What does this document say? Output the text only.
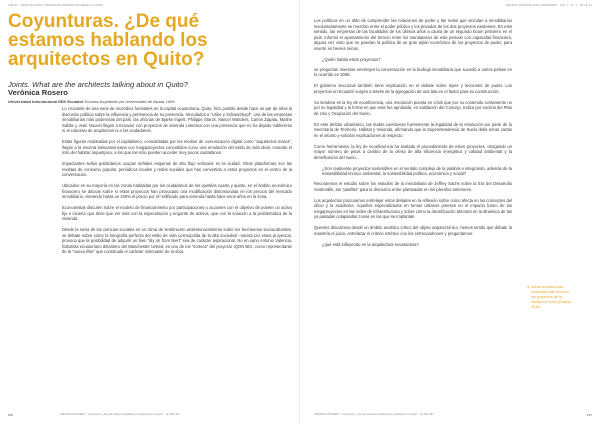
ARQ 07 · ARQUITECTURA Y PROCESOS URBANOS EN AMÉRICA LATINA
Coyunturas. ¿De qué estamos hablando los arquitectos en Quito?

Joints. What are the architects talking about in Quito?

Verónica Rosero

Universidad Internacional SEK Ecuador Doctora Arquitecta por Universidad de Alcalá, UAH

Lo cruciante de una serie de incendios forestales en la capital ecuatoriana, Quito, hizo posible desde hace un par de años la discusión pública sobre la influencia y pertinencia de su presencia. Vinculados a “Uribe y Schwarzkopf”, una de las empresas inmobiliarias más poderosas del país, las oficinas de Bjarke Ingels, Philippe Starck, Marcel Wanders, Carlos Zapata, Moshe Safdie y Jean Nouvel llegan a Ecuador con proyectos de vivienda colectiva con una presencia que no ha dejado indiferente ni al colectivo de arquitectos ni a los ciudadanos.

Estas figuras moldeadas por el capitalismo, consolidadas por los medios de comunicación digital como “arquitectos marca”, llegan a la escena latinoamericana con megaproyectos concebidos como una emulación del estilo de vida ideal, creando el mito del habitar arquetípico, a los que tan sólo pueden acceder muy pocos ciudadanos.

Impactantes sellos publicitarios ocupan señales esquinas de alto flujo vehicular en la ciudad. Otras plataformas son las revistas de consumo popular, periódicos locales y redes sociales que han convertido a estos proyectos en el centro de la conversación.

Ubicados en su mayoría en las zonas habitadas por los ciudadanos de los quintiles cuarto y quinto, en el ámbito económico financiero se discute sobre si estos proyectos han provocado una modificación distorsionada en los precios del mercado inmobiliario, elevando hasta un 100% el precio por m² edificado para vivienda hasta hace unos años en la zona.

Economistas discuten sobre el modelo de financiamiento por participaciones o acciones con el objetivo de poseer un activo fijo e incierto que tiene que ver más con la especulación y engorde de activos, que con la solución a la problemática de la vivienda.

Desde la rama de las ciencias sociales en un clima de sentimiento antiestonoramiento sobre los fenómenos socioculturales, se debate sobre cómo la fotografía perfecta del estilo de vida cosmopolita de la alta sociedad –nacida por estos proyectos, provoca que la posibilidad de adquirir un bien “diy on from Niert” sea de carácter aspiracional. No en vano Antonio Valencia, futbolista ecuatoriano delantero del Manchester United, es uno de los “sorteos” del proyecto IQON BIG, como representante de la “nueva élite” que construida el carácter insinuante de la obra.

186	VERÓNICA ROSERO · Coyunturas. ¿De qué estamos hablando los arquitectos en Quito? · pp 186–197
REVISTA ARQUITECTURA URBANISMO · VOL. 7 · N.º 2 · PP 14–31

Los políticos en un afán de comprender las relaciones de poder y las redes que vinculan a inmobiliarios involuntariamente se mezclan entre el poder público y los privados de los dos proyectos existentes. En este sentido, las empresas de las facultades de los últimos años a causa de un segundo boom petrolero en el país, informó el ayuntamiento del tercero entre los mandatarios de este periodo con capacidad financiera, alguna vez visto que no poseían la política de un gran tejido económico de los proyectos de poder, para invertir en bienes raíces.

¿Quién habita estos proyectos?

se preguntan mientras entretejen la conversación en la burbuja inmobiliaria que sucedió a varios países en lo ocurrido en 2008.

El gobierno seccional también tiene implicación en el debate sobre leyes y lecciones de poder. Los proyectos en Ecuador surgen a través de la agregación de una lata en el factor para su construcción.

Su tiendera es la ley de ecoeficiencia, una resolución puesta en crisis que por su contenido ciertamente no por su legalidad y la forma en que esta fue aprobada, en validación del Concejo. Indica por encima del Plan de Uso y Ocupación del Suelo.

En este ámbito urbanístico, las dudas cuestionan fuertemente la legalidad de la resolución por parte de la Secretaría de Territorio, Hábitat y Vivienda, afirmando que la Superintendencia de Suelo debe tomar cartas en el asunto y solicitar explicaciones al respecto.

Como herramienta, la ley de ecoeficiencia ha avalado el procedimiento de estos proyectos, otorgando un mayor número de pisos a cambio de la oferta de alta eficiencia energética y calidad ambiental y la densificación del suelo.

¿Son realmente proyectos sostenibles en el sentido complejo de la palabra e integrando, además de la sostenibilidad técnico ambiental, la sostenibilidad política, económica y social?

Recordemos el estudio sobre los estudios de la inmobiliaria de Jeffrey Sachs sobre la Era del Desarrollo Sostenible, las “pasillas” para la discusión entre planteadas en los párrafos anteriores.

Los arquitectos procuramos entretejer estos debates en la reflexión sobre cómo afecta en los conceptos del oficio y la academia. Aquellos especializados en temas urbanos piensan en el impacto futuro de los megaproyectos en las redes de infraestructura y sobre cómo la densificación afectará en la dinámica de las ya pasadas colapsadas zonas en las que se implantan.

Quienes discutimos desde un ámbito analítico crítico del objeto arquitectónico, hemos tenido que debatir la maestría el juicio, entrelazar el criterio estético con los entrecuadrones y preguntarnos:

¿qué está influyendo en la arquitectura ecuatoriana?

1 Varios artículos que examinan este tema en los proyectos de la ciudad en Quito (Rosero, 2018).
VERÓNICA ROSERO · Coyunturas. ¿De qué estamos hablando los arquitectos en Quito? · pp 186–197	187
